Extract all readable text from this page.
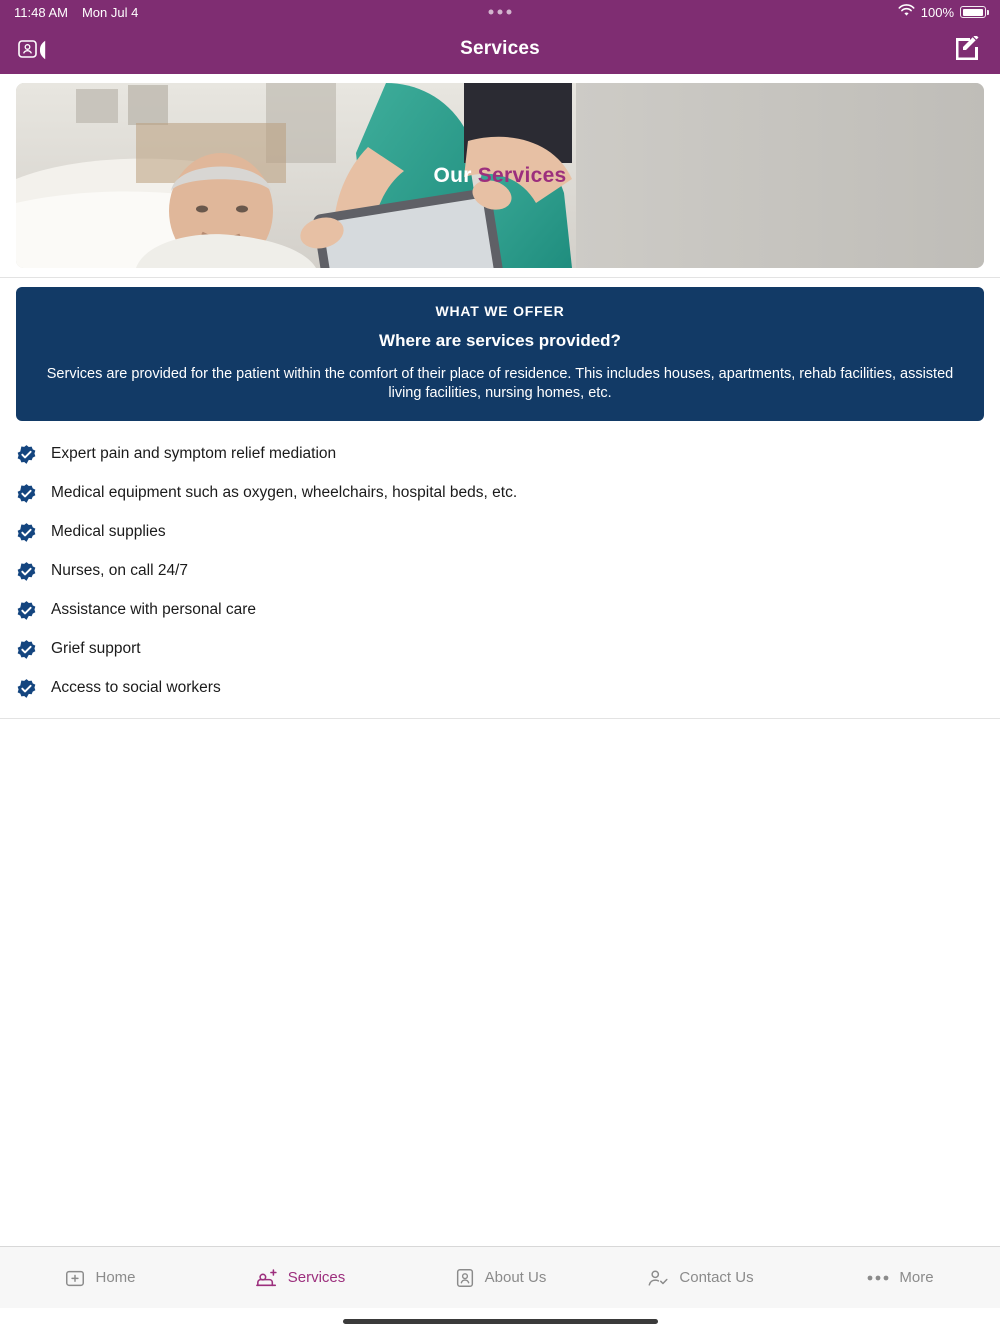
11:48 AM Mon Jul 4	100%
Services
Our Services
WHAT WE OFFER
Where are services provided?
Services are provided for the patient within the comfort of their place of residence. This includes houses, apartments, rehab facilities, assisted living facilities, nursing homes, etc.
Expert pain and symptom relief mediation
Medical equipment such as oxygen, wheelchairs, hospital beds, etc.
Medical supplies
Nurses, on call 24/7
Assistance with personal care
Grief support
Access to social workers
Home	Services	About Us	Contact Us	More
